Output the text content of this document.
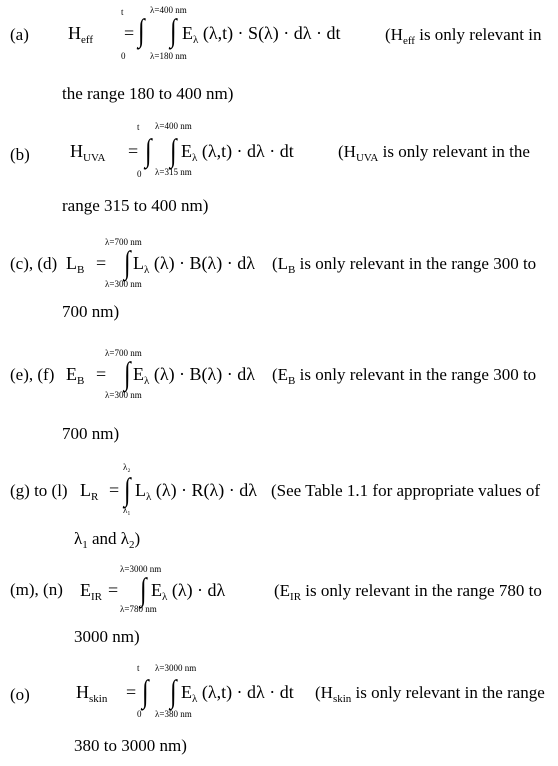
(a) $H_{eff}$ =
t ∫
0
λ=400 nm
∫
λ=180 nm
$E_\lambda$ (λ,t) · S(λ) · dλ · dt	($H_{eff}$ is only relevant in
the range 180 to 400 nm)
(b) $H_{UVA}$ =
t
∫
0
λ=400 nm
∫
λ=315 nm
$E_\lambda$ (λ,t) · dλ · dt	($H_{UVA}$ is only relevant in the
range 315 to 400 nm)
(c), (d) $L_B$ =
λ=700 nm
∫
λ=300 nm
$L_\lambda$ (λ) · B(λ) · dλ ($L_B$ is only relevant in the range 300 to
700 nm)
(e), (f) $E_B$ =
λ=700 nm
∫
λ=300 nm
$E_\lambda$ (λ) · B(λ) · dλ ($E_B$ is only relevant in the range 300 to
700 nm)
(g) to (l) $L_R$ =
λ₂
∫
λ₁
$L_\lambda$ (λ) · R(λ) · dλ (See Table 1.1 for appropriate values of
$\lambda_1$ and $\lambda_2$)
(m), (n) $E_{IR}$ =
λ=3000 nm
∫
λ=780 nm
$E_\lambda$ (λ) · dλ	($E_{IR}$ is only relevant in the range 780 to
3000 nm)
(o)	$H_{skin}$ =
t
∫
0
λ=3000 nm
∫
λ=380 nm
$E_\lambda$ (λ,t) · dλ · dt ($H_{skin}$ is only relevant in the range
380 to 3000 nm)
